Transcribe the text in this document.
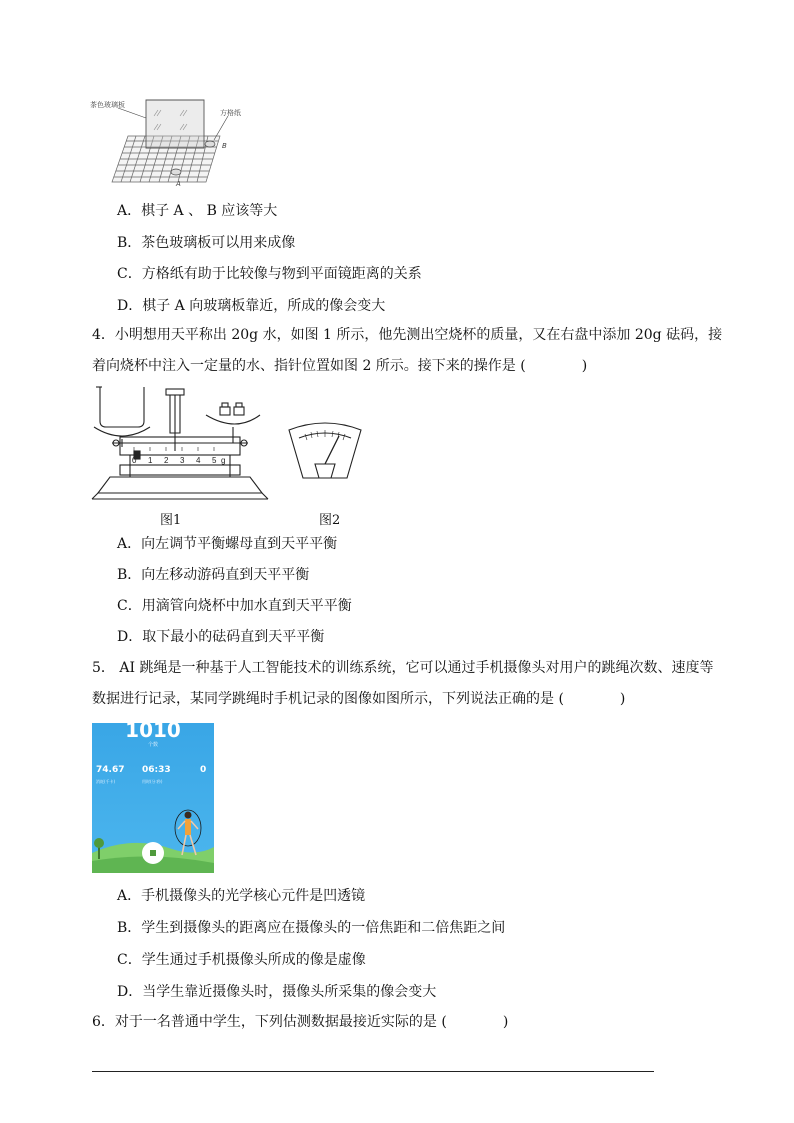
茶色玻璃板
方格纸
B
A
A．棋子 A 、 B 应该等大
B．茶色玻璃板可以用来成像
C．方格纸有助于比较像与物到平面镜距离的关系
D．棋子 A 向玻璃板靠近，所成的像会变大
4．小明想用天平称出 20g 水，如图 1 所示，他先测出空烧杯的质量，又在右盘中添加 20g 砝码，接
着向烧杯中注入一定量的水、指针位置如图 2 所示。接下来的操作是 (　　　　)
0 1 2 3 4 5 g
图1	图2
A．向左调节平衡螺母直到天平平衡
B．向左移动游码直到天平平衡
C．用滴管向烧杯中加水直到天平平衡
D．取下最小的砝码直到天平平衡
5． AI 跳绳是一种基于人工智能技术的训练系统，它可以通过手机摄像头对用户的跳绳次数、速度等
数据进行记录，某同学跳绳时手机记录的图像如图所示，下列说法正确的是 (　　　　)
1010
个数
74.67
消耗(千卡)
06:33
用时(分:秒)
0
A．手机摄像头的光学核心元件是凹透镜
B．学生到摄像头的距离应在摄像头的一倍焦距和二倍焦距之间
C．学生通过手机摄像头所成的像是虚像
D．当学生靠近摄像头时，摄像头所采集的像会变大
6．对于一名普通中学生，下列估测数据最接近实际的是 (　　　　)
